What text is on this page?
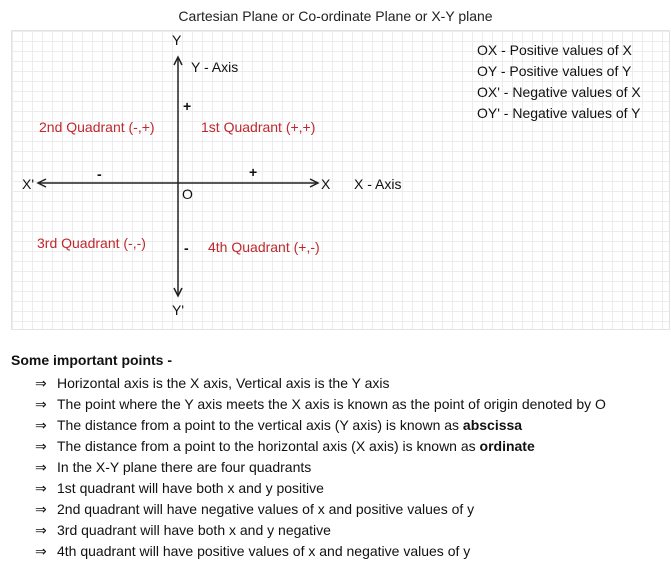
Cartesian Plane or Co-ordinate Plane or X-Y plane
Y
Y - Axis
Y'
X X - Axis
X'
O
+
-
+
-
2nd Quadrant (-,+)	1st Quadrant (+,+)
3rd Quadrant (-,-)	4th Quadrant (+,-)
OX - Positive values of X
OY - Positive values of Y
OX' - Negative values of X
OY' - Negative values of Y
Some important points -
⇒ Horizontal axis is the X axis, Vertical axis is the Y axis
⇒ The point where the Y axis meets the X axis is known as the point of origin denoted by O
⇒ The distance from a point to the vertical axis (Y axis) is known as abscissa
⇒ The distance from a point to the horizontal axis (X axis) is known as ordinate
⇒ In the X-Y plane there are four quadrants
⇒ 1st quadrant will have both x and y positive
⇒ 2nd quadrant will have negative values of x and positive values of y
⇒ 3rd quadrant will have both x and y negative
⇒ 4th quadrant will have positive values of x and negative values of y
